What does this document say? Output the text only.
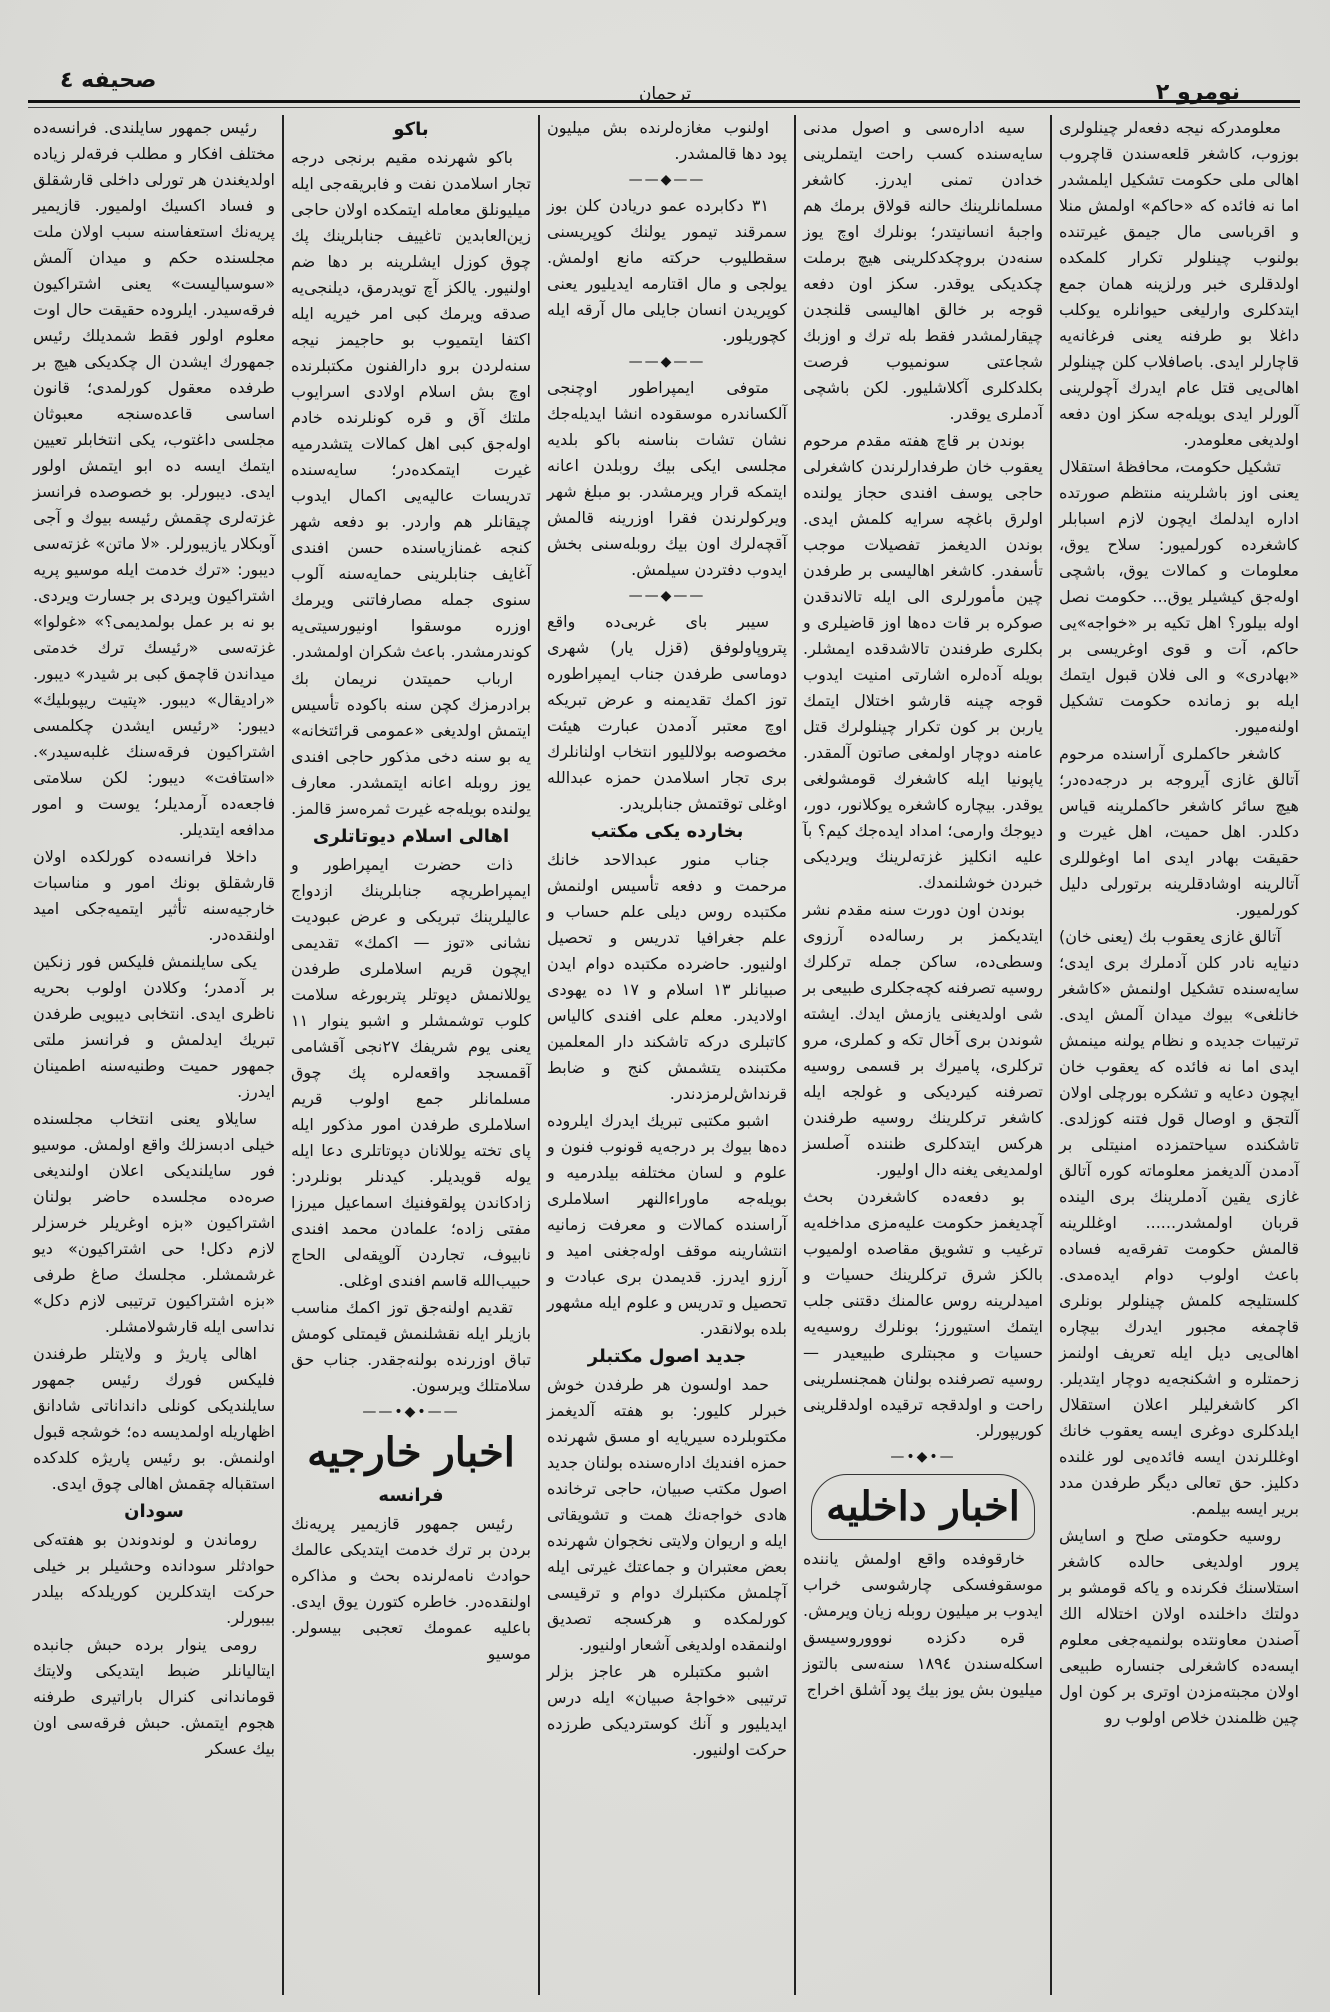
صحیفه ٤
ترجمان	نومرو ۲

معلومدرکه نیجه دفعه‌لر چینلولری بوزوب، کاشغر قلعه‌سندن قاچروب اهالی ملی حکومت تشکیل ایلمشدر اما نه فائده که «حاکم» اولمش منلا و اقرباسی مال جیمق غیرتنده بولنوب چینلولر تکرار کلمکده اولدقلری خبر ورلزینه همان جمع ایتدکلری وارلیغی حیوانلره یوکلب داغلا بو طرفنه یعنی فرغانه‌یه قاچارلر ایدی. باصافلاب کلن چینلولر اهالی‌یی قتل عام ایدرك آچولرینی آلورلر ایدی بویله‌جه سکز اون دفعه اولدیغی معلومدر.

تشکیل حکومت، محافظهٔ استقلال یعنی اوز باشلرینه منتظم صورتده اداره ایدلمك ایچون لازم اسبابلر کاشغرده کورلمیور: سلاح یوق، معلومات و کمالات یوق، باشچی اوله‌جق کیشیلر یوق... حکومت نصل اوله بیلور؟ اهل تکیه بر «خواجه»‌یی حاکم، آت و قوی اوغریسی بر «بهادری» و الی فلان قبول ایتمك ایله بو زمانده حکومت تشکیل اولنه‌میور.

کاشغر حاکملری آراسنده مرحوم آتالق غازی آیروجه بر درجه‌ده‌در؛ هیچ سائر کاشغر حاکملرینه قیاس دکلدر. اهل حمیت، اهل غیرت و حقیقت بهادر ایدی اما اوغوللری آتالرینه اوشادقلرینه برتورلی دلیل کورلمیور.

آتالق غازی یعقوب بك (یعنی خان) دنیایه نادر کلن آدملرك بری ایدی؛ سایه‌سنده تشکیل اولنمش «کاشغر خانلغی» بیوك میدان آلمش ایدی. ترتیبات جدیده و نظام یولنه مینمش ایدی اما نه فائده که یعقوب خان ایچون دعایه و تشکره بورچلی اولان آلتجق و اوصال قول فتنه کوزلدی. تاشکنده سیاحتمزده امنیتلی بر آدمدن آلدیغمز معلوماته کوره آتالق غازی یقین آدملرینك بری الینده قربان اولمشدر...... اوغللرینه قالمش حکومت تفرقه‌یه فساده باعث اولوب دوام ایده‌مدی. کلستلیجه کلمش چینلولر بونلری قاچمغه مجبور ایدرك بیچاره اهالی‌یی دیل ایله تعریف اولنمز زحمتلره و اشکنجه‌یه دوچار ایتدیلر. اکر کاشغرلیلر اعلان استقلال ایلدکلری دوغری ایسه یعقوب خانك اوغللرندن ایسه فائده‌یی لور غلنده دکلیز. حق تعالی دیگر طرفدن مدد بریر ایسه بیلمم.

روسیه حکومتی صلح و اسایش پرور اولدیغی حالده کاشغر استلاسنك فکرنده و یاکه قومشو بر دولتك داخلنده اولان اختلاله الك آصندن معاونتده بولنمیه‌جغی معلوم ایسه‌ده کاشغرلی جنساره طبیعی اولان مجبته‌مزدن اوتری بر کون اول چین ظلمندن خلاص اولوب رو

سیه اداره‌سی و اصول مدنی سایه‌سنده کسب راحت ایتملرینی خدادن تمنی ایدرز. کاشغر مسلمانلرینك حالنه قولاق برمك هم واجبهٔ انسانیتدر؛ بونلرك اوچ یوز سنه‌دن بروچکدکلرینی هیچ برملت چکدیکی یوقدر. سکز اون دفعه قوجه بر خالق اهالیسی قلنجدن چیقارلمشدر فقط بله ترك و اوزبك شجاعتی سونمیوب فرصت بکلدکلری آکلاشلیور. لکن باشچی آدملری یوقدر.

بوندن بر قاچ هفته مقدم مرحوم یعقوب خان طرفدارلرندن کاشغرلی حاجی یوسف افندی حجاز یولنده اولرق باغچه سرایه کلمش ایدی. بوندن الدیغمز تفصیلات موجب تأسفدر. کاشغر اهالیسی بر طرفدن چین مأمورلری الی ایله تالاندقدن صوکره بر قات ده‌ها اوز قاضیلری و بکلری طرفندن تالاشدقده ایمشلر. بویله آده‌لره اشارتی امنیت ایدوب قوجه چینه قارشو اختلال ایتمك یاربن بر کون تکرار چینلولرك قتل عامنه دوچار اولمغی صاتون آلمقدر. یاپونیا ایله کاشغرك قومشولغی یوقدر. بیچاره کاشغره یوکلانور، دور، دیوجك وارمی؛ امداد ایده‌جك کیم؟ بآ علیه انکلیز غزته‌لرینك ویردیکی خبردن خوشلنمدك.

بوندن اون دورت سنه مقدم نشر ایتدیکمز بر رساله‌ده آرزوی وسطی‌ده، ساکن جمله ترکلرك روسیه تصرفنه کچه‌جکلری طبیعی بر شی اولدیغنی یازمش ایدك. ایشته شوندن بری آخال تکه و کملری، مرو ترکلری، پامیرك بر قسمی روسیه تصرفنه کیردیکی و غولجه ایله کاشغر ترکلرینك روسیه طرفندن هرکس ایتدکلری ظننده آصلسز اولمدیغی یغنه دال اولیور.

بو دفعه‌ده کاشغردن بحث آچدیغمز حکومت علیه‌مزی مداخله‌یه ترغیب و تشویق مقاصده اولمیوب بالکز شرق ترکلرینك حسیات و امیدلرینه روس عالمنك دقتنی جلب ایتمك استیورز؛ بونلرك روسیه‌یه حسیات و مجبتلری طبیعیدر — روسیه تصرفنده بولنان همجنسلرینی راحت و اولدقجه ترقیده اولدقلرینی کوریپورلر.

—•◆•—
اخبار داخلیه

خارقوفده واقع اولمش یاننده موسقوفسکی چارشوسی خراب ایدوب بر میلیون روبله زیان ویرمش.

قره دکزده نوووروسیسق اسکله‌سندن ۱۸۹٤ سنه‌سی بالتوز میلیون بش یوز بیك پود آشلق اخراج

اولنوب مغازه‌لرنده بش میلیون پود دها قالمشدر.

——◆——

۳۱ دکابرده عمو دریادن کلن بوز سمرقند تیمور یولنك کوپریسنی سقطلیوب حرکته مانع اولمش. یولجی و مال اقتارمه ایدیلیور یعنی کوپریدن انسان جایلی مال آرقه ایله کچوریلور.

——◆——

متوفی ایمپراطور اوچنجی آلکساندره موسقوده انشا ایدیله‌جك نشان تشات بناسنه باکو بلدیه مجلسی ایکی بیك روبلدن اعانه ایتمکه قرار ویرمشدر. بو مبلغ شهر ویرکولرندن فقرا اوزرینه قالمش آقچه‌لرك اون بیك روبله‌سنی بخش ایدوب دفتردن سیلمش.

——◆——

سیبر بای غربی‌ده واقع پتروپاولوفق (قزل یار) شهری دوماسی طرفدن جناب ایمپراطوره توز اکمك تقدیمنه و عرض تبریکه اوچ معتبر آدمدن عبارت هیئت مخصوصه بولاللیور انتخاب اولنانلرك بری تجار اسلامدن حمزه عبدالله اوغلی توقتمش جنابلریدر.

بخارده یکی مکتب

جناب منور عبدالاحد خانك مرحمت و دفعه تأسیس اولنمش مکتبده روس دیلی علم حساب و علم جغرافیا تدریس و تحصیل اولنیور. حاضرده مکتبده دوام ایدن صبیانلر ۱۳ اسلام و ۱۷ ده یهودی اولادیدر. معلم علی افندی کالیاس کاتبلری درکه تاشکند دار المعلمین مکتبنده یتشمش کنج و ضابط قرنداش‌لرمزدندر.

اشبو مکتبی تبریك ایدرك ایلروده ده‌ها بیوك بر درجه‌یه قونوب فنون و علوم و لسان مختلفه بیلدرمیه و بویله‌جه ماوراءالنهر اسلاملری آراسنده کمالات و معرفت زمانیه انتشارینه موقف اوله‌جغنی امید و آرزو ایدرز. قدیمدن بری عبادت و تحصیل و تدریس و علوم ایله مشهور بلده بولانقدر.

جدید اصول مکتبلر

حمد اولسون هر طرفدن خوش خبرلر کلیور: بو هفته آلدیغمز مکتوبلرده سیریایه او مسق شهرنده حمزه افندیك اداره‌سنده بولنان جدید اصول مکتب صبیان، حاجی ترخانده هادی خواجه‌نك همت و تشویقاتی ایله و اریوان ولایتی نخجوان شهرنده بعض معتبران و جماعتك غیرتی ایله آچلمش مکتبلرك دوام و ترقیسی کورلمکده و هرکسجه تصدیق اولنمقده اولدیغی آشعار اولنیور.

اشبو مکتبلره هر عاجز بزلر ترتیبی «خواجهٔ صبیان» ایله درس ایدیلیور و آنك کوستردیکی طرزده حرکت اولنیور.

باکو

باکو شهرنده مقیم برنجی درجه تجار اسلامدن نفت و فابریقه‌جی ایله میلیونلق معامله ایتمکده اولان حاجی زین‌العابدین تاغییف جنابلرینك پك چوق کوزل ایشلرینه بر دها ضم اولنیور. یالکز آچ تویدرمق، دیلنجی‌یه صدقه ویرمك کبی امر خیریه ایله اکتفا ایتمیوب بو حاجیمز نیجه سنه‌لردن برو دارالفنون مکتبلرنده اوچ بش اسلام اولادی اسرایوب ملتك آق و قره کونلرنده خادم اوله‌جق کبی اهل کمالات یتشدرمیه غیرت ایتمکده‌در؛ سایه‌سنده تدریسات عالیه‌یی اکمال ایدوب چیقانلر هم واردر. بو دفعه شهر کنجه غمنازیاسنده حسن افندی آغایف جنابلرینی حمایه‌سنه آلوب سنوی جمله مصارفاتنی ویرمك اوزره موسقوا اونیورسیتی‌یه کوندرمشدر. باعث شکران اولمشدر.

ارباب حمیتدن نریمان بك برادرمزك کچن سنه باکوده تأسیس ایتمش اولدیغی «عمومی قرائتخانه» یه بو سنه دخی مذکور حاجی افندی یوز روبله اعانه ایتمشدر. معارف یولنده بویله‌جه غیرت ثمره‌سز قالمز.

اهالی اسلام دیوتاتلری

ذات حضرت ایمپراطور و ایمپراطریچه جنابلرینك ازدواج عالیلرینك تبریکی و عرض عبودیت نشانی «توز — اکمك» تقدیمی ایچون قریم اسلاملری طرفدن یوللانمش دپوتلر پتربورغه سلامت کلوب توشمشلر و اشبو ینوار ۱۱ یعنی یوم شریفك ۲۷نجی آقشامی آقمسجد واقعه‌لره پك چوق مسلمانلر جمع اولوب قریم اسلاملری طرفدن امور مذکور ایله پای تخته یوللانان دپوتاتلری دعا ایله یوله قویدیلر. کیدنلر بونلردر: زادکاندن پولقوفنیك اسماعیل میرزا مفتی زاده؛ علمادن محمد افندی نابیوف، تجاردن آلوپقه‌لی الحاج حبیب‌الله قاسم افندی اوغلی.

تقدیم اولنه‌جق توز اکمك مناسب بازیلر ایله نقشلنمش قیمتلی کومش تباق اوزرنده بولنه‌جقدر. جناب حق سلامتلك ویرسون.

——•◆•——
اخبار خارجیه
فرانسه

رئیس جمهور قازیمیر پریه‌نك بردن بر ترك خدمت ایتدیکی عالمك حوادث نامه‌لرنده بحث و مذاکره اولنقده‌در. خاطره کتورن یوق ایدی. باعلیه عمومك تعجبی بیسولر. موسیو

رئیس جمهور سایلندی. فرانسه‌ده مختلف افکار و مطلب فرقه‌لر زیاده اولدیغندن هر تورلی داخلی قارشقلق و فساد اکسیك اولمیور. قازیمیر پریه‌نك استعفاسنه سبب اولان ملت مجلسنده حکم و میدان آلمش «سوسیالیست» یعنی اشتراکیون فرقه‌سیدر. ایلروده حقیقت حال اوت معلوم اولور فقط شمدیلك رئیس جمهورك ایشدن ال چکدیکی هیچ بر طرفده معقول کورلمدی؛ قانون اساسی قاعده‌سنجه معبوثان مجلسی داغتوب، یکی انتخابلر تعیین ایتمك ایسه ده ابو ایتمش اولور ایدی. دیبورلر. بو خصوصده فرانسز غزته‌لری چقمش رئیسه بیوك و آجی آوبکلار یازیبورلر. «لا ماتن» غزته‌سی دیبور: «ترك خدمت ایله موسیو پریه اشتراکیون ویردی بر جسارت ویردی. بو نه بر عمل بولمدیمی؟» «غولوا» غزته‌سی «رئیسك ترك خدمتی میداندن قاچمق کبی بر شیدر» دیبور. «رادیقال» دیبور. «پتیت ریپوبلیك» دیبور: «رئیس ایشدن چکلمسی اشتراکیون فرقه‌سنك غلبه‌سیدر». «استافت» دیبور: لکن سلامتی فاجعه‌ده آرمدیلر؛ یوست و امور مدافعه ایتدیلر.

داخلا فرانسه‌ده کورلکده اولان قارشقلق بونك امور و مناسبات خارجیه‌سنه تأثیر ایتمیه‌جکی امید اولنقده‌در.

یکی سایلنمش فلیکس فور زنکین بر آدمدر؛ وکلادن اولوب بحریه ناظری ایدی. انتخابی دیبویی طرفدن تبریك ایدلمش و فرانسز ملتی جمهور حمیت وطنیه‌سنه اطمینان ایدرز.

سایلاو یعنی انتخاب مجلسنده خیلی ادبسزلك واقع اولمش. موسیو فور سایلندیکی اعلان اولندیغی صره‌ده مجلسده حاضر بولنان اشتراکیون «بزه اوغریلر خرسزلر لازم دکل! حی اشتراکیون» دیو غرشمشلر. مجلسك صاغ طرفی «بزه اشتراکیون ترتیبی لازم دکل» نداسی ایله قارشولامشلر.

اهالی پاریژ و ولایتلر طرفندن فلیکس فورك رئیس جمهور سایلندیکی کونلی دانداناتی شادانق اظهاریله اولمدیسه ده؛ خوشجه قبول اولنمش. بو رئیس پاریژه کلدکده استقباله چقمش اهالی چوق ایدی.

سودان

روماندن و لوندوندن بو هفته‌کی حوادثلر سودانده وحشیلر بر خیلی حرکت ایتدکلرین کوریلدکه بیلدر بیبورلر.

رومی ینوار برده حبش جانبده ایتالیانلر ضبط ایتدیکی ولایتك قوماندانی کنرال باراتیری طرفنه هجوم ایتمش. حبش فرقه‌سی اون بیك عسکر
